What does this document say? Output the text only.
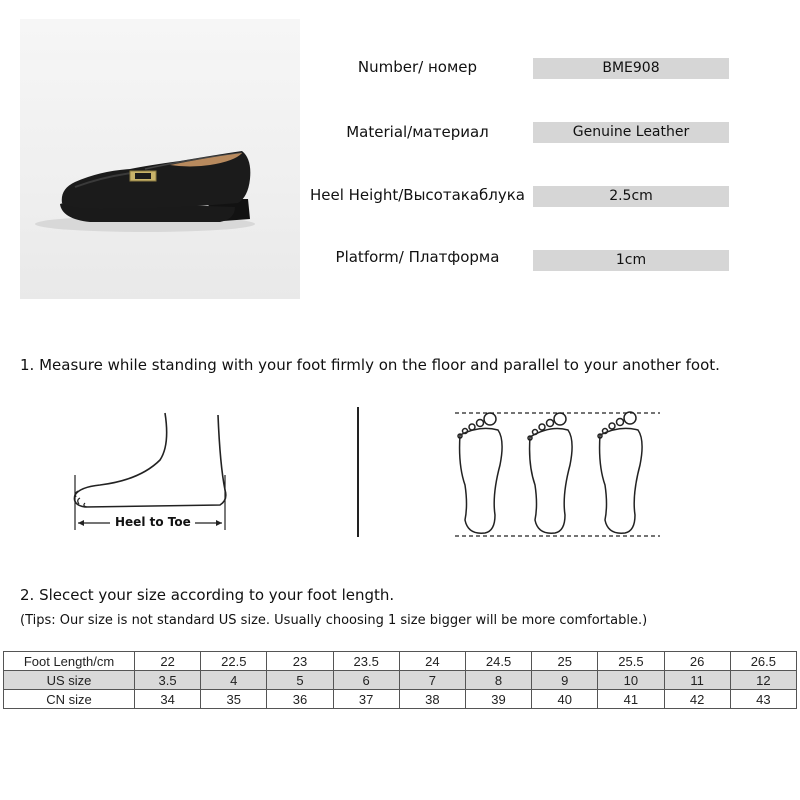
Number/ номер	BME908
Material/материал	Genuine Leather
Heel Height/Высотакаблука	2.5cm
Platform/ Платформа	1cm
1. Measure while standing with your foot firmly on the floor and parallel to your another foot.
Heel to Toe
2. Slecect your size according to your foot length.
(Tips: Our size is not standard US size. Usually choosing 1 size bigger will be more comfortable.)
Foot Length/cm	22	22.5	23	23.5	24	24.5	25	25.5	26	26.5
US size	3.5	4	5	6	7	8	9	10	11	12
CN size	34	35	36	37	38	39	40	41	42	43
